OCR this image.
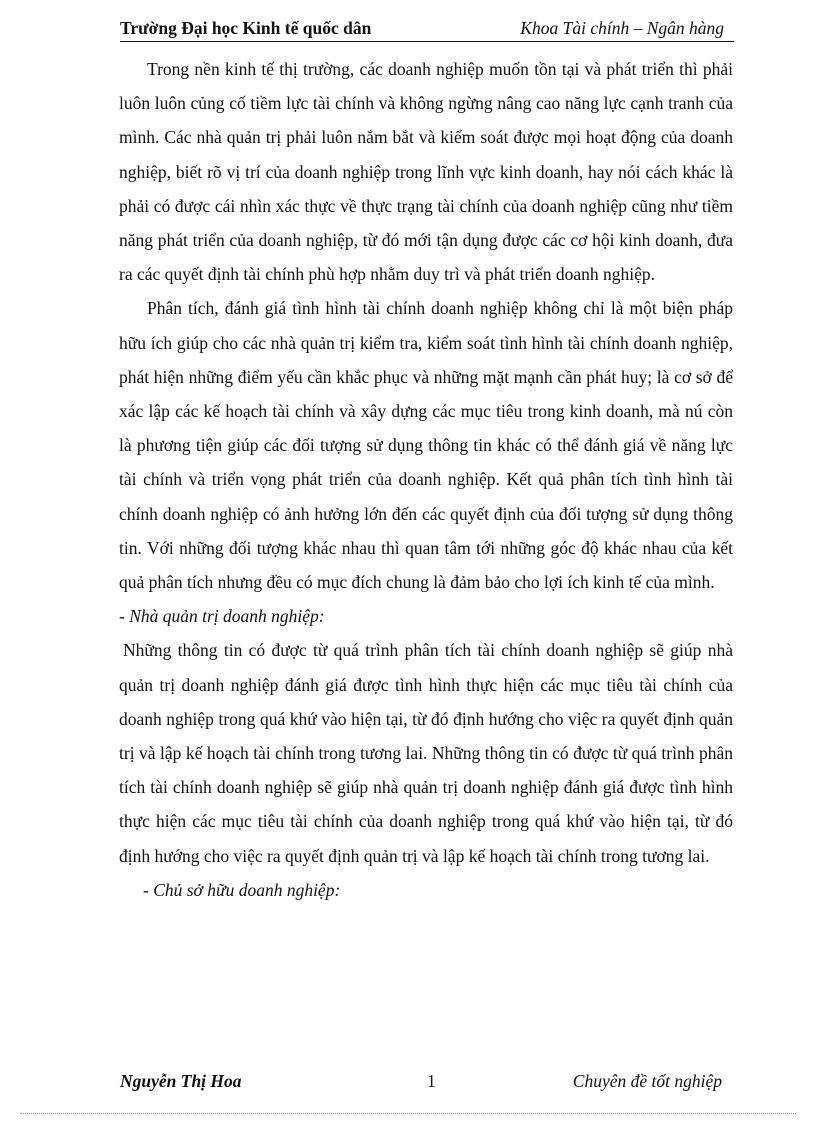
Trường Đại học Kinh tế quốc dân	Khoa Tài chính – Ngân hàng

Trong nền kinh tế thị trường, các doanh nghiệp muốn tồn tại và phát triển thì phải luôn luôn củng cố tiềm lực tài chính và không ngừng nâng cao năng lực cạnh tranh của mình. Các nhà quản trị phải luôn nắm bắt và kiểm soát được mọi hoạt động của doanh nghiệp, biết rõ vị trí của doanh nghiệp trong lĩnh vực kinh doanh, hay nói cách khác là phải có được cái nhìn xác thực về thực trạng tài chính của doanh nghiệp cũng như tiềm năng phát triển của doanh nghiệp, từ đó mới tận dụng được các cơ hội kinh doanh, đưa ra các quyết định tài chính phù hợp nhằm duy trì và phát triển doanh nghiệp.

Phân tích, đánh giá tình hình tài chính doanh nghiệp không chỉ là một biện pháp hữu ích giúp cho các nhà quản trị kiểm tra, kiểm soát tình hình tài chính doanh nghiệp, phát hiện những điểm yếu cần khắc phục và những mặt mạnh cần phát huy; là cơ sở để xác lập các kế hoạch tài chính và xây dựng các mục tiêu trong kinh doanh, mà nú còn là phương tiện giúp các đối tượng sử dụng thông tin khác có thể đánh giá về năng lực tài chính và triển vọng phát triển của doanh nghiệp. Kết quả phân tích tình hình tài chính doanh nghiệp có ảnh hưởng lớn đến các quyết định của đối tượng sử dụng thông tin. Với những đối tượng khác nhau thì quan tâm tới những góc độ khác nhau của kết quả phân tích nhưng đều có mục đích chung là đảm bảo cho lợi ích kinh tế của mình.

- Nhà quản trị doanh nghiệp:

Những thông tin có được từ quá trình phân tích tài chính doanh nghiệp sẽ giúp nhà quản trị doanh nghiệp đánh giá được tình hình thực hiện các mục tiêu tài chính của doanh nghiệp trong quá khứ vào hiện tại, từ đó định hướng cho việc ra quyết định quản trị và lập kế hoạch tài chính trong tương lai. Những thông tin có được từ quá trình phân tích tài chính doanh nghiệp sẽ giúp nhà quản trị doanh nghiệp đánh giá được tình hình thực hiện các mục tiêu tài chính của doanh nghiệp trong quá khứ vào hiện tại, từ đó định hướng cho việc ra quyết định quản trị và lập kế hoạch tài chính trong tương lai.

- Chủ sở hữu doanh nghiệp:

Nguyễn Thị Hoa	1	Chuyên đề tốt nghiệp
